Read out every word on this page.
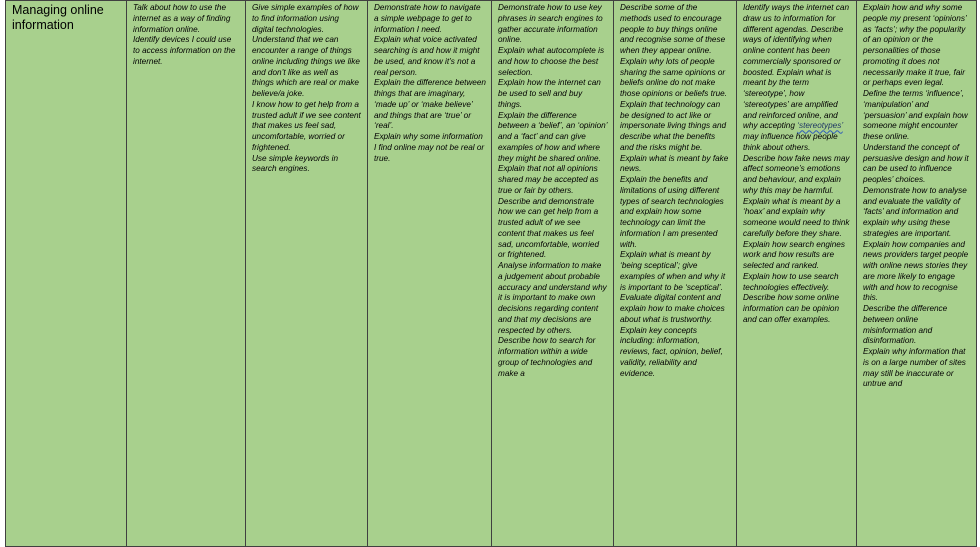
Managing online information	
Talk about how to use the internet as a way of finding information online.
Identify devices I could use to access information on the internet.

Give simple examples of how to find information using digital technologies.
Understand that we can encounter a range of things online including things we like and don’t like as well as things which are real or make believe/a joke.
I know how to get help from a trusted adult if we see content that makes us feel sad, uncomfortable, worried or frightened.
Use simple keywords in search engines.

Demonstrate how to navigate a simple webpage to get to information I need.
Explain what voice activated searching is and how it might be used, and know it’s not a real person.
Explain the difference between things that are imaginary, ‘made up’ or ‘make believe’ and things that are ‘true’ or ‘real’.
Explain why some information I find online may not be real or true.

Demonstrate how to use key phrases in search engines to gather accurate information online.
Explain what autocomplete is and how to choose the best selection.
Explain how the internet can be used to sell and buy things.
Explain the difference between a ‘belief’, an ‘opinion’ and a ‘fact’ and can give examples of how and where they might be shared online.
Explain that not all opinions shared may be accepted as true or fair by others.
Describe and demonstrate how we can get help from a trusted adult of we see content that makes us feel sad, uncomfortable, worried or frightened.
Analyse information to make a judgement about probable accuracy and understand why it is important to make own decisions regarding content and that my decisions are respected by others.
Describe how to search for information within a wide group of technologies and make a

Describe some of the methods used to encourage people to buy things online and recognise some of these when they appear online.
Explain why lots of people sharing the same opinions or beliefs online do not make those opinions or beliefs true.
Explain that technology can be designed to act like or impersonate living things and describe what the benefits and the risks might be.
Explain what is meant by fake news.
Explain the benefits and limitations of using different types of search technologies and explain how some technology can limit the information I am presented with.
Explain what is meant by ‘being sceptical’; give examples of when and why it is important to be ‘sceptical’.
Evaluate digital content and explain how to make choices about what is trustworthy.
Explain key concepts including: information, reviews, fact, opinion, belief, validity, reliability and evidence.

Identify ways the internet can draw us to information for different agendas. Describe ways of identifying when online content has been commercially sponsored or boosted. Explain what is meant by the term ‘stereotype’, how ‘stereotypes’ are amplified and reinforced online, and why accepting ‘stereotypes’ may influence how people think about others.
Describe how fake news may affect someone’s emotions and behaviour, and explain why this may be harmful.
Explain what is meant by a ‘hoax’ and explain why someone would need to think carefully before they share.
Explain how search engines work and how results are selected and ranked.
Explain how to use search technologies effectively.
Describe how some online information can be opinion and can offer examples.

Explain how and why some people my present ‘opinions’ as ‘facts’; why the popularity of an opinion or the personalities of those promoting it does not necessarily make it true, fair or perhaps even legal.
Define the terms ‘influence’, ‘manipulation’ and ‘persuasion’ and explain how someone might encounter these online.
Understand the concept of persuasive design and how it can be used to influence peoples’ choices.
Demonstrate how to analyse and evaluate the validity of ‘facts’ and information and explain why using these strategies are important.
Explain how companies and news providers target people with online news stories they are more likely to engage with and how to recognise this.
Describe the difference between online misinformation and disinformation.
Explain why information that is on a large number of sites may still be inaccurate or untrue and
